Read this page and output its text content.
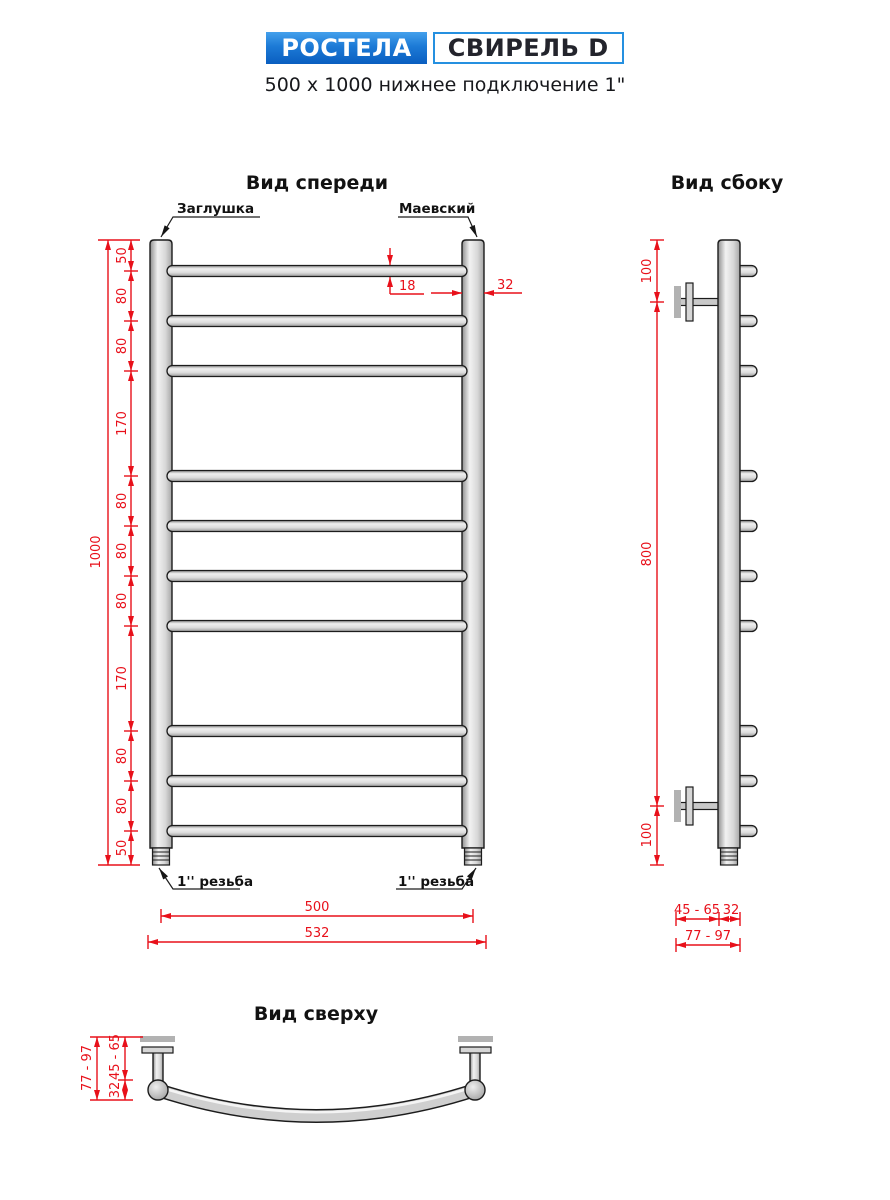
РОСТЕЛА	СВИРЕЛЬ D
500 x 1000 нижнее подключение 1"
Вид спереди
Заглушка	Маевский
18	32
1000
50
80
80
170
80
80
80
170
80
80
50
1'' резьба	1'' резьба
500
532
Вид сбоку
100
800
100
45 - 65 32
77 - 97
Вид сверху
77 - 97 45 - 65
32
